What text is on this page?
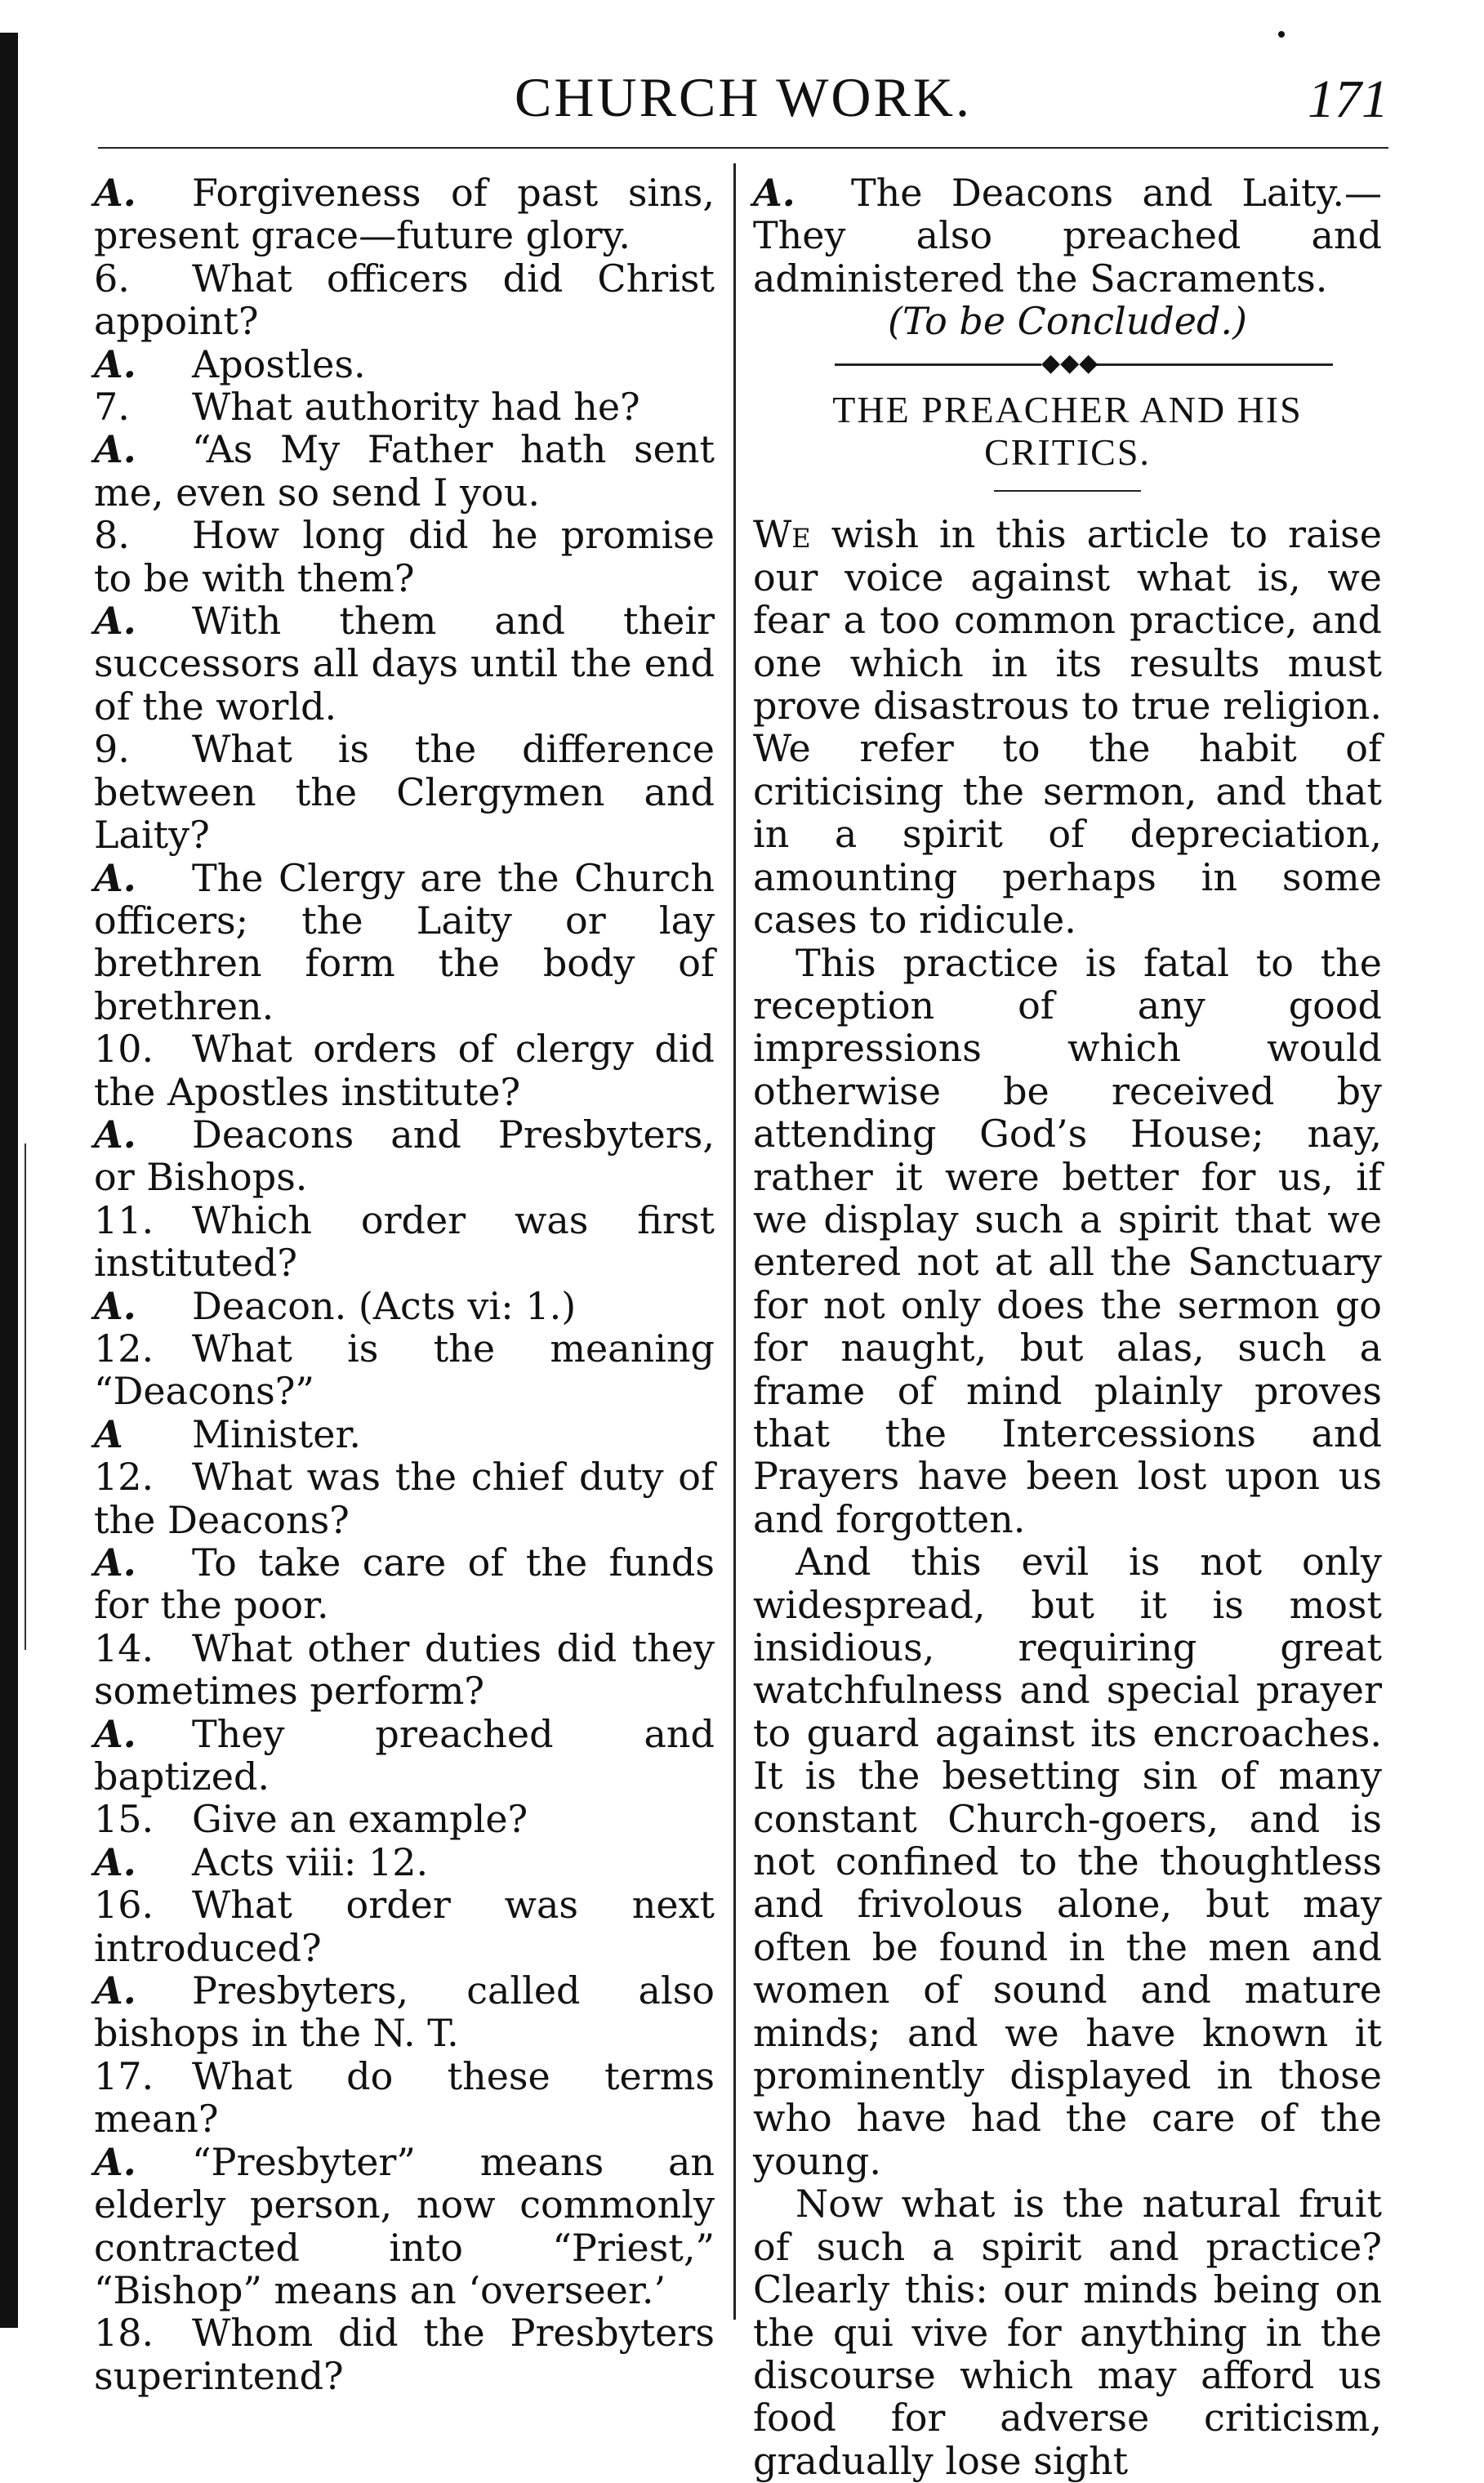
CHURCH WORK.	171

A. Forgiveness of past sins, present grace—future glory.

6. What officers did Christ appoint?

A. Apostles.

7. What authority had he?

A. “As My Father hath sent me, even so send I you.

8. How long did he promise to be with them?

A. With them and their successors all days until the end of the world.

9. What is the difference between the Clergymen and Laity?

A. The Clergy are the Church officers; the Laity or lay brethren form the body of brethren.

10. What orders of clergy did the Apostles institute?

A. Deacons and Presbyters, or Bishops.

11. Which order was first instituted?

A. Deacon. (Acts vi: 1.)

12. What is the meaning “Deacons?”

A Minister.

12. What was the chief duty of the Deacons?

A. To take care of the funds for the poor.

14. What other duties did they sometimes perform?

A. They preached and baptized.

15. Give an example?

A. Acts viii: 12.

16. What order was next introduced?

A. Presbyters, called also bishops in the N. T.

17. What do these terms mean?

A. “Presbyter” means an elderly person, now commonly contracted into “Priest,” “Bishop” means an ‘overseer.’

18. Whom did the Presbyters superintend?

A. The Deacons and Laity.—They also preached and administered the Sacraments.

(To be Concluded.)

◆◆◆
THE PREACHER AND HIS CRITICS.

We wish in this article to raise our voice against what is, we fear a too common practice, and one which in its results must prove disastrous to true religion. We refer to the habit of criticising the sermon, and that in a spirit of depreciation, amounting perhaps in some cases to ridicule.

This practice is fatal to the reception of any good impressions which would otherwise be received by attending God’s House; nay, rather it were better for us, if we display such a spirit that we entered not at all the Sanctuary for not only does the sermon go for naught, but alas, such a frame of mind plainly proves that the Intercessions and Prayers have been lost upon us and forgotten.

And this evil is not only widespread, but it is most insidious, requiring great watchfulness and special prayer to guard against its encroaches. It is the besetting sin of many constant Church-goers, and is not confined to the thoughtless and frivolous alone, but may often be found in the men and women of sound and mature minds; and we have known it prominently displayed in those who have had the care of the young.

Now what is the natural fruit of such a spirit and practice? Clearly this: our minds being on the qui vive for anything in the discourse which may afford us food for adverse criticism, gradually lose sight
